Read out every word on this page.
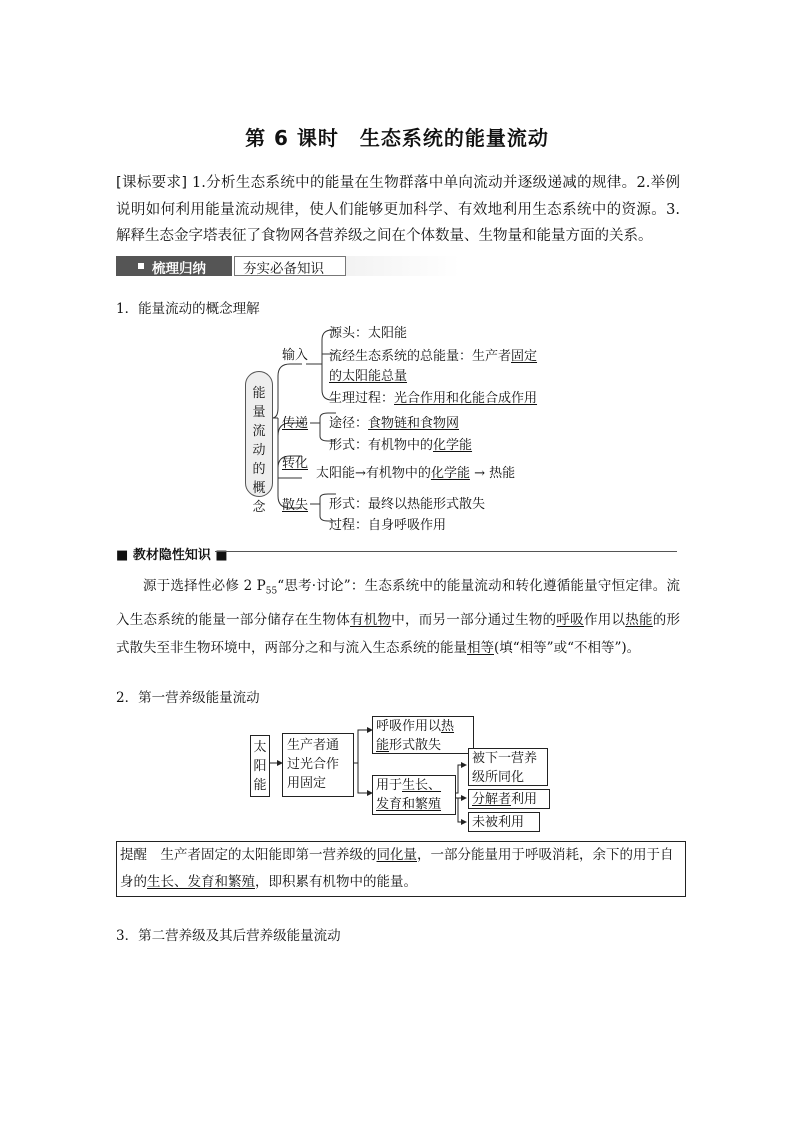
第 6 课时　生态系统的能量流动
[课标要求] 1.分析生态系统中的能量在生物群落中单向流动并逐级递减的规律。2.举例说明如何利用能量流动规律，使人们能够更加科学、有效地利用生态系统中的资源。3.解释生态金字塔表征了食物网各营养级之间在个体数量、生物量和能量方面的关系。
梳理归纳	夯实必备知识
1．能量流动的概念理解
能量流动的概念
输入
源头：太阳能
流经生态系统的总能量：生产者固定
的太阳能总量
生理过程：光合作用和化能合成作用
传递 途径：食物链和食物网
形式：有机物中的化学能
转化
太阳能→有机物中的化学能 → 热能
散失 形式：最终以热能形式散失
过程：自身呼吸作用
■ 教材隐性知识 ■
源于选择性必修 2 $P_{55}“$思考·讨论”：生态系统中的能量流动和转化遵循能量守恒定律。流入生态系统的能量一部分储存在生物体有机物中，而另一部分通过生物的呼吸作用以热能的形式散失至非生物环境中，两部分之和与流入生态系统的能量相等(填“相等”或“不相等”)。
2．第一营养级能量流动
太阳能
生产者通过光合作用固定
呼吸作用以热
能形式散失
用于生长、
发育和繁殖
被下一营养级所同化
分解者利用
未被利用
提醒　生产者固定的太阳能即第一营养级的同化量，一部分能量用于呼吸消耗，余下的用于自身的生长、发育和繁殖，即积累有机物中的能量。
3．第二营养级及其后营养级能量流动
